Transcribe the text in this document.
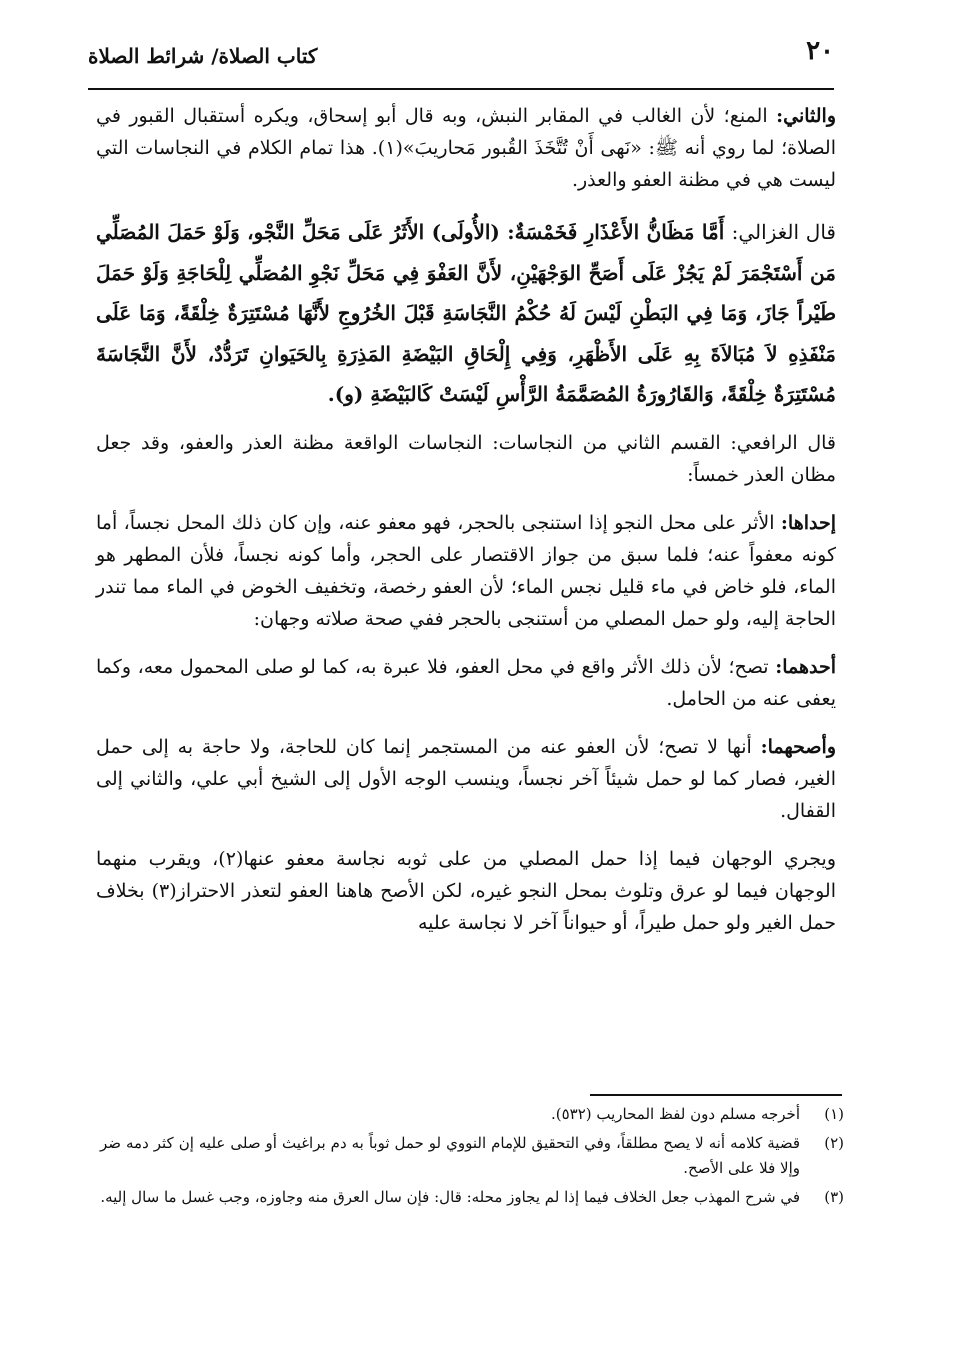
٢٠
كتاب الصلاة/ شرائط الصلاة

والثاني: المنع؛ لأن الغالب في المقابر النبش، وبه قال أبو إسحاق، ويكره أستقبال القبور في الصلاة؛ لما روي أنه ﷺ: «نَهى أَنْ تُتَّخَذَ القُبور مَحاريبَ»(١). هذا تمام الكلام في النجاسات التي ليست هي في مظنة العفو والعذر.

قال الغزالي: أَمَّا مَظَانُّ الأَعْذَارِ فَخَمْسَةٌ: (الأُولَى) الأَثَرُ عَلَى مَحَلِّ النَّجْو، وَلَوْ حَمَلَ المُصَلِّي مَن أَسْتَجْمَرَ لَمْ يَجُزْ عَلَى أَصَحِّ الوَجْهَيْنِ، لأَنَّ العَفْوَ فِي مَحَلِّ نَجْوِ المُصَلِّي لِلْحَاجَةِ وَلَوْ حَمَلَ طَيْراً جَازَ، وَمَا فِي البَطْنِ لَيْسَ لَهُ حُكْمُ النَّجَاسَةِ قَبْلَ الخُرُوجِ لأَنَّهَا مُسْتَتِرَةٌ خِلْقَةً، وَمَا عَلَى مَنْفَذِهِ لاَ مُبَالاَةَ بِهِ عَلَى الأَظْهَرِ، وَفِي إِلْحَاقِ البَيْضَةِ المَذِرَةِ بِالحَيَوانِ تَرَدُّدٌ، لأَنَّ النَّجَاسَةَ مُسْتَتِرَةٌ خِلْقَةً، وَالقَارُورَةُ المُصَمَّمَةُ الرَّأْسِ لَيْسَتْ كَالبَيْضَةِ (و).

قال الرافعي: القسم الثاني من النجاسات: النجاسات الواقعة مظنة العذر والعفو، وقد جعل مظان العذر خمساً:

إحداها: الأثر على محل النجو إذا استنجى بالحجر، فهو معفو عنه، وإن كان ذلك المحل نجساً، أما كونه معفواً عنه؛ فلما سبق من جواز الاقتصار على الحجر، وأما كونه نجساً، فلأن المطهر هو الماء، فلو خاض في ماء قليل نجس الماء؛ لأن العفو رخصة، وتخفيف الخوض في الماء مما تندر الحاجة إليه، ولو حمل المصلي من أستنجى بالحجر ففي صحة صلاته وجهان:

أحدهما: تصح؛ لأن ذلك الأثر واقع في محل العفو، فلا عبرة به، كما لو صلى المحمول معه، وكما يعفى عنه من الحامل.

وأصحهما: أنها لا تصح؛ لأن العفو عنه من المستجمر إنما كان للحاجة، ولا حاجة به إلى حمل الغير، فصار كما لو حمل شيئاً آخر نجساً، وينسب الوجه الأول إلى الشيخ أبي علي، والثاني إلى القفال.

ويجري الوجهان فيما إذا حمل المصلي من على ثوبه نجاسة معفو عنها(٢)، ويقرب منهما الوجهان فيما لو عرق وتلوث بمحل النجو غيره، لكن الأصح هاهنا العفو لتعذر الاحتراز(٣) بخلاف حمل الغير ولو حمل طيراً، أو حيواناً آخر لا نجاسة عليه

(١)
أخرجه مسلم دون لفظ المحاريب (٥٣٢).
(٢)
قضية كلامه أنه لا يصح مطلقاً، وفي التحقيق للإمام النووي لو حمل ثوباً به دم براغيث أو صلى عليه إن كثر دمه ضر وإلا فلا على الأصح.
(٣)
في شرح المهذب جعل الخلاف فيما إذا لم يجاوز محله: قال: فإن سال العرق منه وجاوزه، وجب غسل ما سال إليه.
